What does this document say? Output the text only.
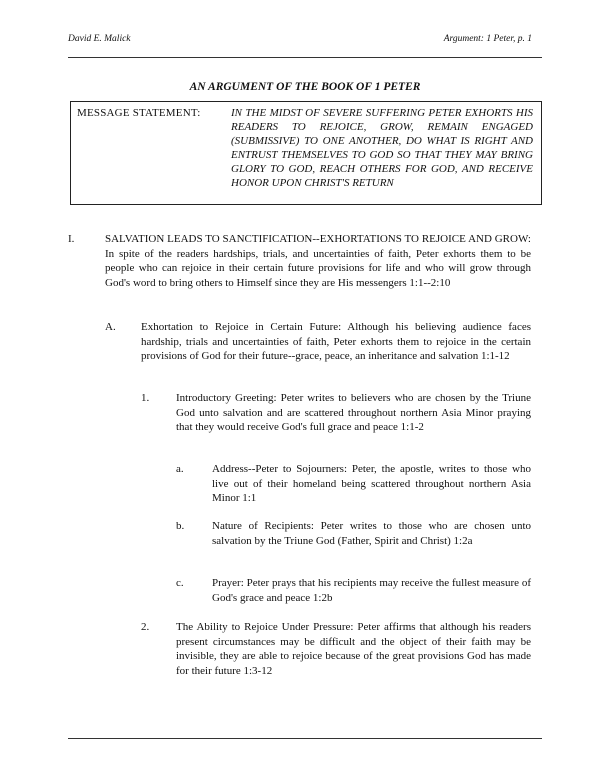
David E. Malick	Argument: 1 Peter, p. 1
AN ARGUMENT OF THE BOOK OF 1 PETER
MESSAGE STATEMENT:	IN THE MIDST OF SEVERE SUFFERING PETER EXHORTS HIS READERS TO REJOICE, GROW, REMAIN ENGAGED (SUBMISSIVE) TO ONE ANOTHER, DO WHAT IS RIGHT AND ENTRUST THEMSELVES TO GOD SO THAT THEY MAY BRING GLORY TO GOD, REACH OTHERS FOR GOD, AND RECEIVE HONOR UPON CHRIST'S RETURN
I.	SALVATION LEADS TO SANCTIFICATION--EXHORTATIONS TO REJOICE AND GROW: In spite of the readers hardships, trials, and uncertainties of faith, Peter exhorts them to be people who can rejoice in their certain future provisions for life and who will grow through God's word to bring others to Himself since they are His messengers 1:1--2:10
A. Exhortation to Rejoice in Certain Future: Although his believing audience faces hardship, trials and uncertainties of faith, Peter exhorts them to rejoice in the certain provisions of God for their future--grace, peace, an inheritance and salvation 1:1-12
1. Introductory Greeting: Peter writes to believers who are chosen by the Triune God unto salvation and are scattered throughout northern Asia Minor praying that they would receive God's full grace and peace 1:1-2
a.	Address--Peter to Sojourners: Peter, the apostle, writes to those who live out of their homeland being scattered throughout northern Asia Minor 1:1
b.	Nature of Recipients: Peter writes to those who are chosen unto salvation by the Triune God (Father, Spirit and Christ) 1:2a
c.	Prayer: Peter prays that his recipients may receive the fullest measure of God's grace and peace 1:2b
2. The Ability to Rejoice Under Pressure: Peter affirms that although his readers present circumstances may be difficult and the object of their faith may be invisible, they are able to rejoice because of the great provisions God has made for their future 1:3-12
